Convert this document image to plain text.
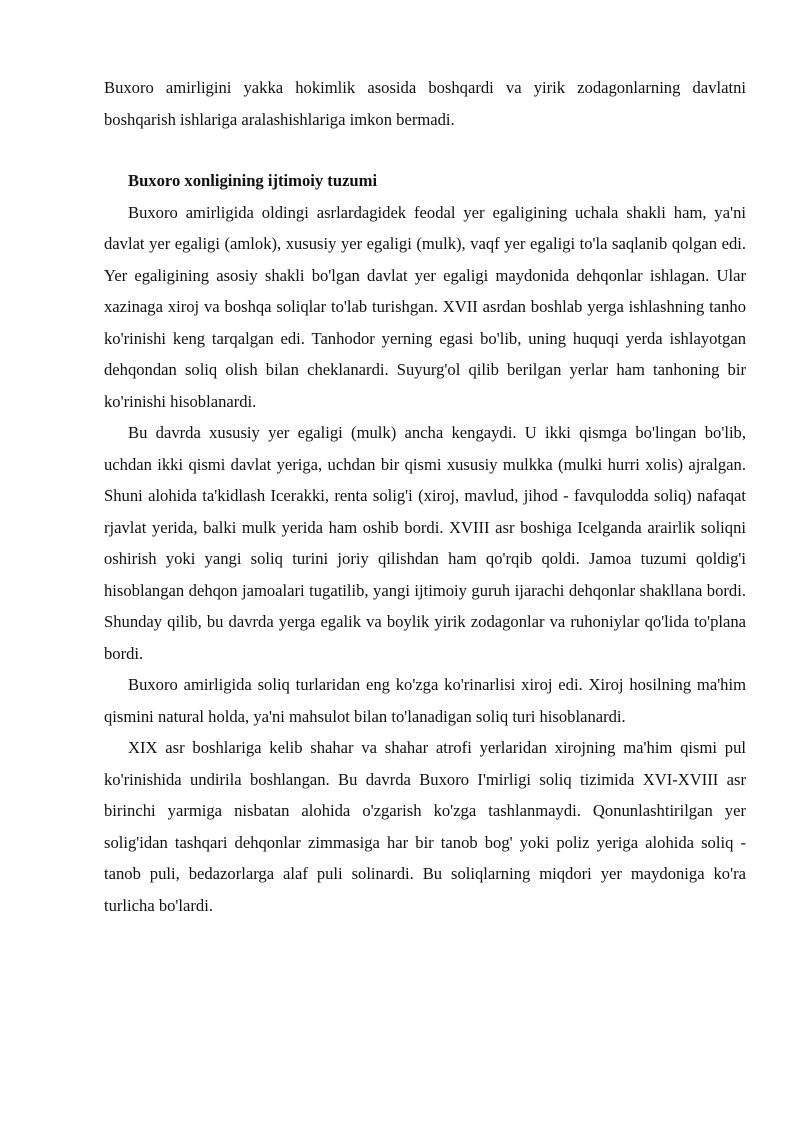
Buxoro amirligini yakka hokimlik asosida boshqardi va yirik zodagonlarning davlatni boshqarish ishlariga aralashishlariga imkon bermadi.

Buxoro xonligining ijtimoiy tuzumi

Buxoro amirligida oldingi asrlardagidek feodal yer egaligining uchala shakli ham, ya'ni davlat yer egaligi (amlok), xususiy yer egaligi (mulk), vaqf yer egaligi to'la saqlanib qolgan edi. Yer egaligining asosiy shakli bo'lgan davlat yer egaligi maydonida dehqonlar ishlagan. Ular xazinaga xiroj va boshqa soliqlar to'lab turishgan. XVII asrdan boshlab yerga ishlashning tanho ko'rinishi keng tarqalgan edi. Tanhodor yerning egasi bo'lib, uning huquqi yerda ishlayotgan dehqondan soliq olish bilan cheklanardi. Suyurg'ol qilib berilgan yerlar ham tanhoning bir ko'rinishi hisoblanardi.

Bu davrda xususiy yer egaligi (mulk) ancha kengaydi. U ikki qismga bo'lingan bo'lib, uchdan ikki qismi davlat yeriga, uchdan bir qismi xususiy mulkka (mulki hurri xolis) ajralgan. Shuni alohida ta'kidlash Icerakki, renta solig'i (xiroj, mavlud, jihod - favqulodda soliq) nafaqat rjavlat yerida, balki mulk yerida ham oshib bordi. XVIII asr boshiga Icelganda arairlik soliqni oshirish yoki yangi soliq turini joriy qilishdan ham qo'rqib qoldi. Jamoa tuzumi qoldig'i hisoblangan dehqon jamoalari tugatilib, yangi ijtimoiy guruh ijarachi dehqonlar shakllana bordi. Shunday qilib, bu davrda yerga egalik va boylik yirik zodagonlar va ruhoniylar qo'lida to'plana bordi.

Buxoro amirligida soliq turlaridan eng ko'zga ko'rinarlisi xiroj edi. Xiroj hosilning ma'him qismini natural holda, ya'ni mahsulot bilan to'lanadigan soliq turi hisoblanardi.

XIX asr boshlariga kelib shahar va shahar atrofi yerlaridan xirojning ma'him qismi pul ko'rinishida undirila boshlangan. Bu davrda Buxoro I'mirligi soliq tizimida XVI-XVIII asr birinchi yarmiga nisbatan alohida o'zgarish ko'zga tashlanmaydi. Qonunlashtirilgan yer solig'idan tashqari dehqonlar zimmasiga har bir tanob bog' yoki poliz yeriga alohida soliq - tanob puli, bedazorlarga alaf puli solinardi. Bu soliqlarning miqdori yer maydoniga ko'ra turlicha bo'lardi.
